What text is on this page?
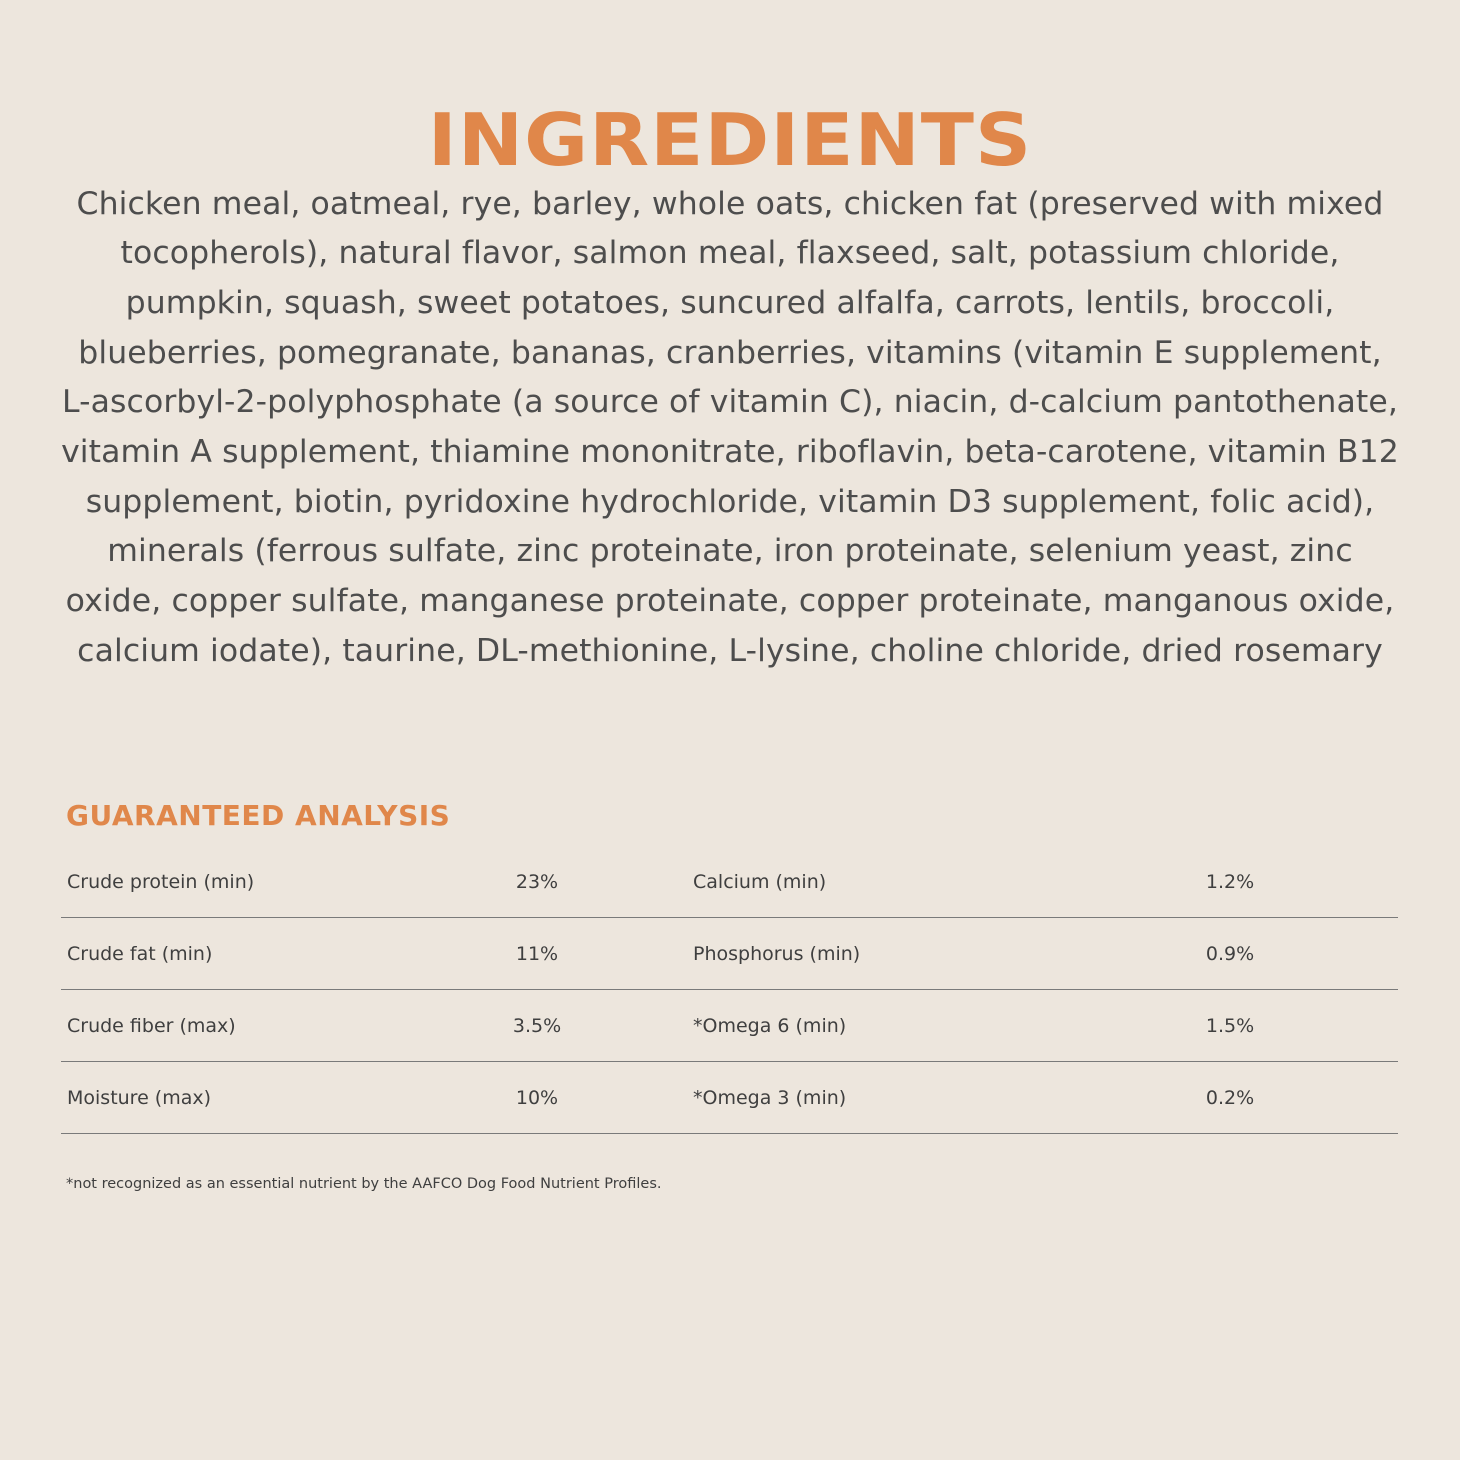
INGREDIENTS

Chicken meal, oatmeal, rye, barley, whole oats, chicken fat (preserved with mixed tocopherols), natural flavor, salmon meal, flaxseed, salt, potassium chloride, pumpkin, squash, sweet potatoes, suncured alfalfa, carrots, lentils, broccoli, blueberries, pomegranate, bananas, cranberries, vitamins (vitamin E supplement, L-ascorbyl-2-polyphosphate (a source of vitamin C), niacin, d-calcium pantothenate, vitamin A supplement, thiamine mononitrate, riboflavin, beta-carotene, vitamin B12 supplement, biotin, pyridoxine hydrochloride, vitamin D3 supplement, folic acid), minerals (ferrous sulfate, zinc proteinate, iron proteinate, selenium yeast, zinc oxide, copper sulfate, manganese proteinate, copper proteinate, manganous oxide, calcium iodate), taurine, DL-methionine, L-lysine, choline chloride, dried rosemary

GUARANTEED ANALYSIS
Crude protein (min)	23%	Calcium (min)	1.2%
Crude fat (min)	11%	Phosphorus (min)	0.9%
Crude fiber (max)	3.5%	*Omega 6 (min)	1.5%
Moisture (max)	10%	*Omega 3 (min)	0.2%

*not recognized as an essential nutrient by the AAFCO Dog Food Nutrient Profiles.
